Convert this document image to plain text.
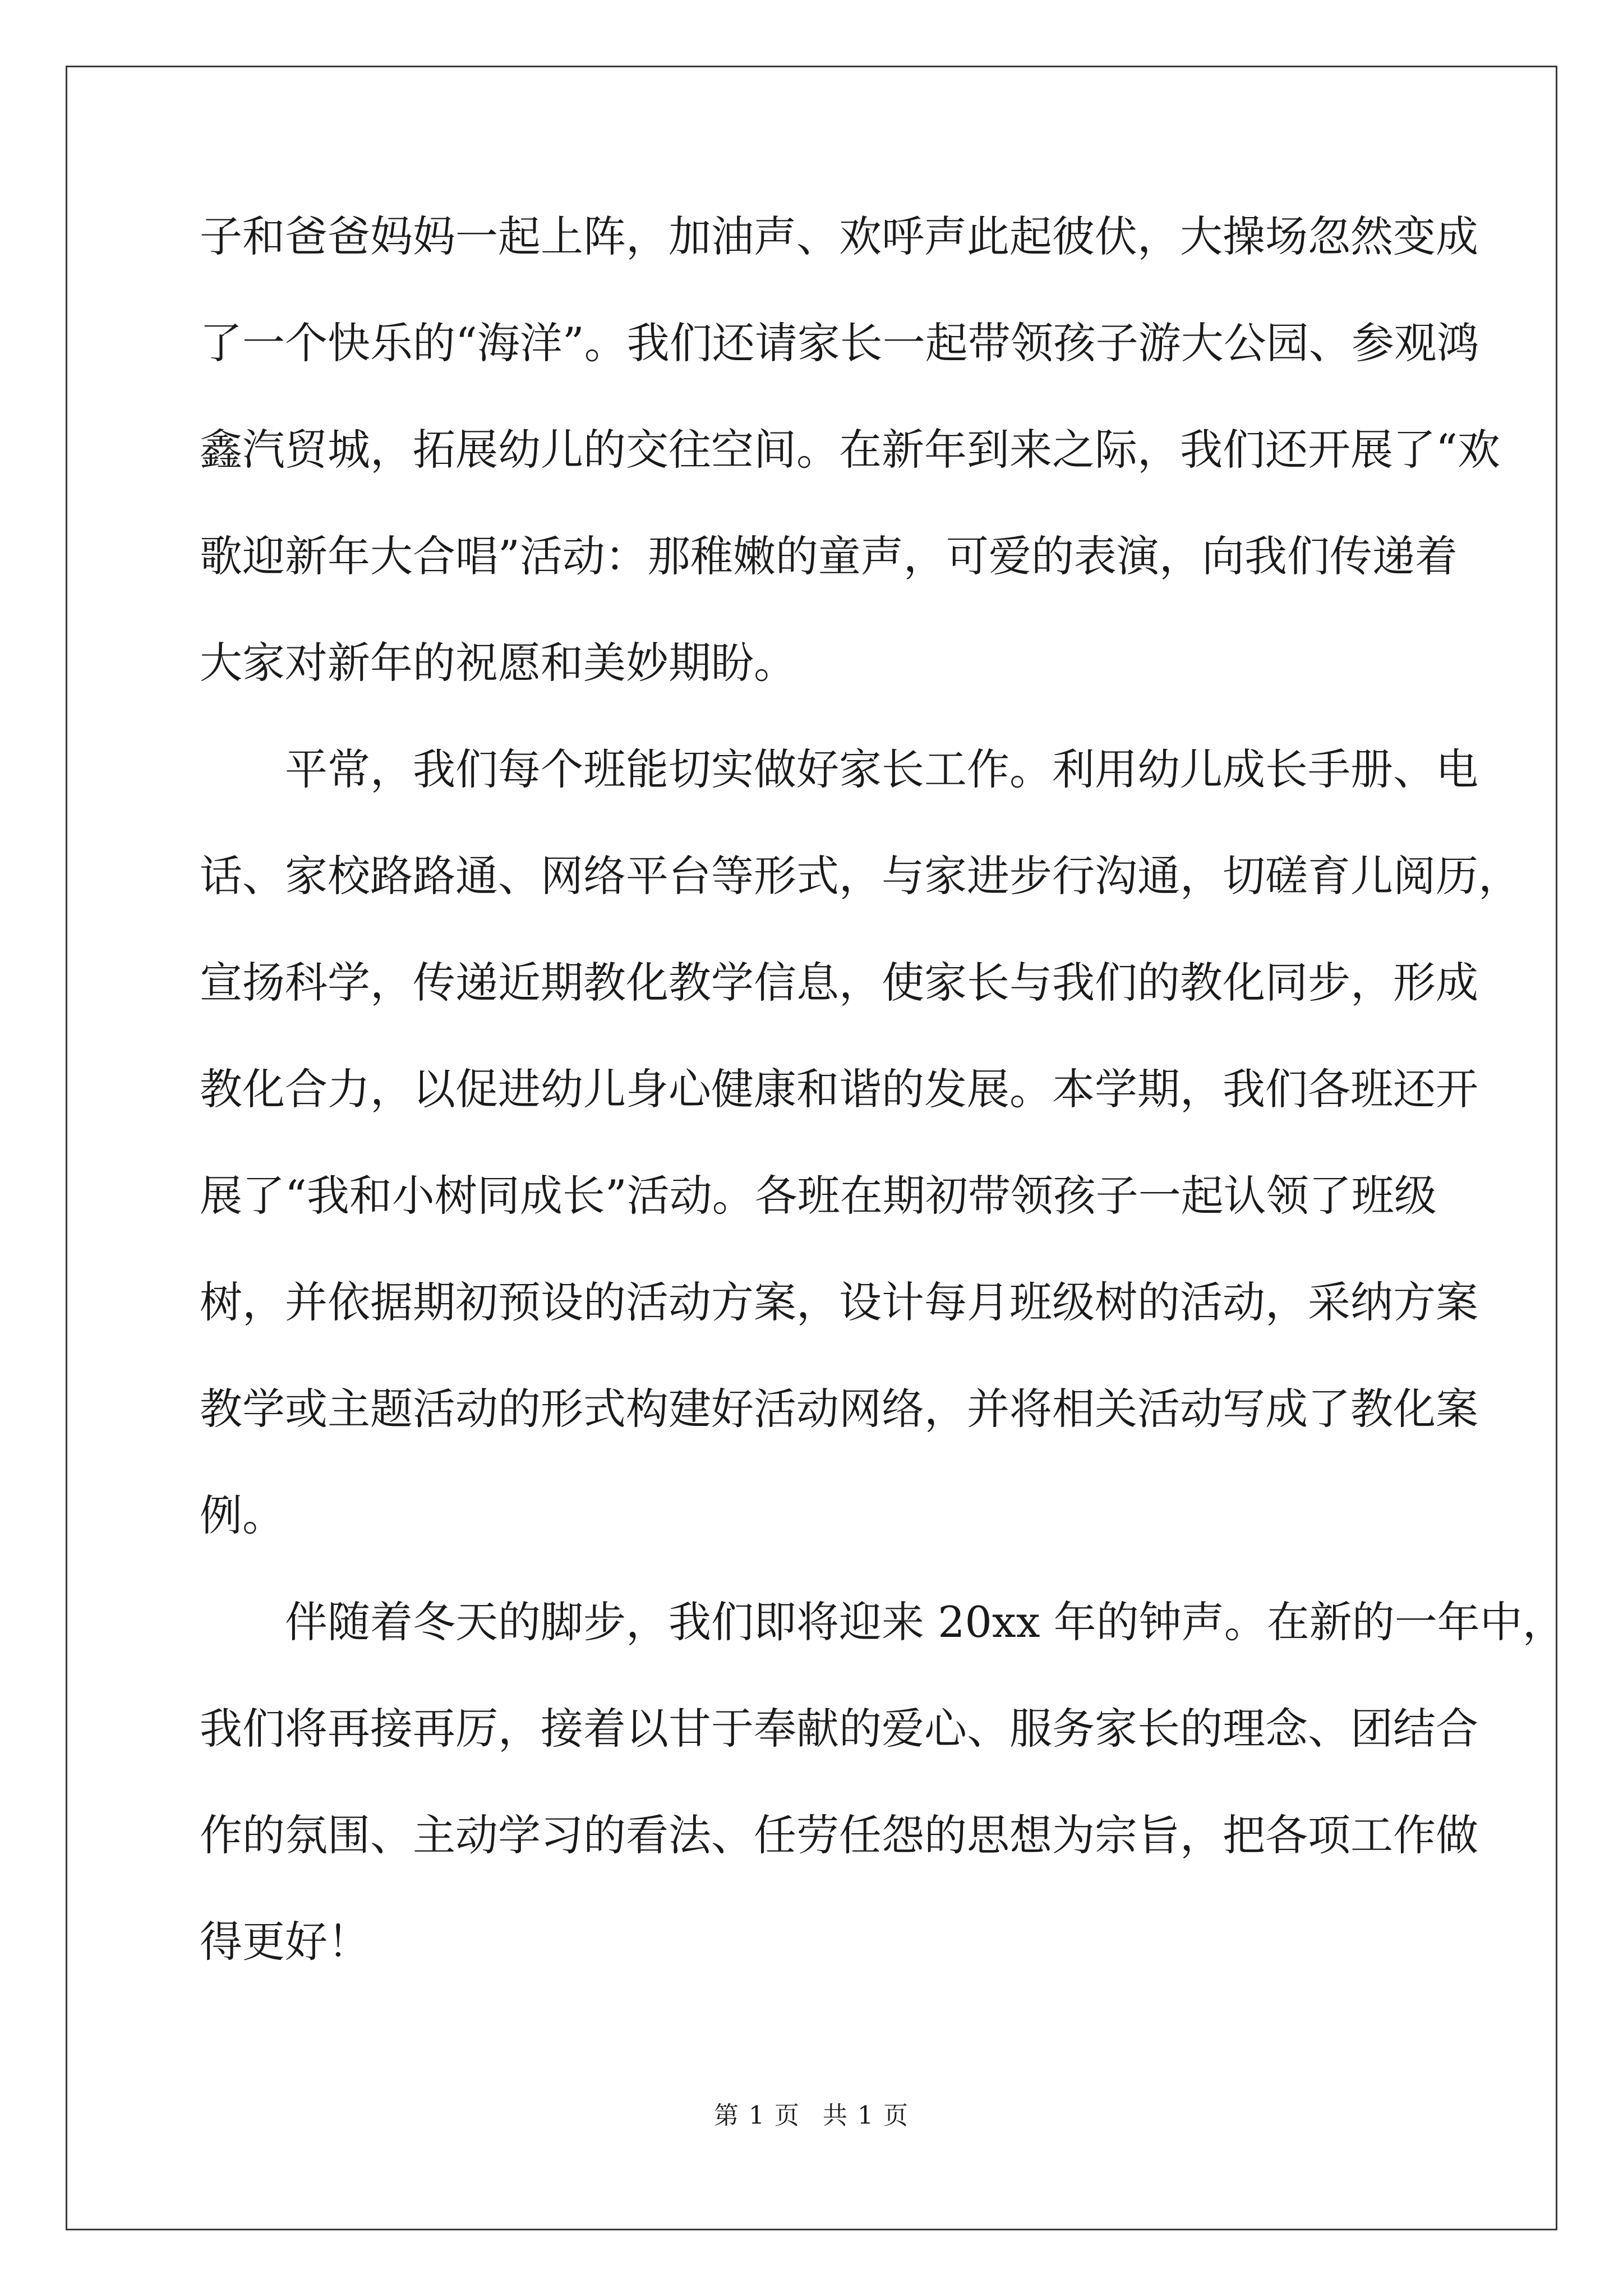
子和爸爸妈妈一起上阵，加油声、欢呼声此起彼伏，大操场忽然变成

了一个快乐的“海洋”。我们还请家长一起带领孩子游大公园、参观鸿

鑫汽贸城，拓展幼儿的交往空间。在新年到来之际，我们还开展了“欢

歌迎新年大合唱”活动：那稚嫩的童声，可爱的表演，向我们传递着

大家对新年的祝愿和美妙期盼。

平常，我们每个班能切实做好家长工作。利用幼儿成长手册、电

话、家校路路通、网络平台等形式，与家进步行沟通，切磋育儿阅历，

宣扬科学，传递近期教化教学信息，使家长与我们的教化同步，形成

教化合力，以促进幼儿身心健康和谐的发展。本学期，我们各班还开

展了“我和小树同成长”活动。各班在期初带领孩子一起认领了班级

树，并依据期初预设的活动方案，设计每月班级树的活动，采纳方案

教学或主题活动的形式构建好活动网络，并将相关活动写成了教化案

例。

伴随着冬天的脚步，我们即将迎来 20xx 年的钟声。在新的一年中，

我们将再接再厉，接着以甘于奉献的爱心、服务家长的理念、团结合

作的氛围、主动学习的看法、任劳任怨的思想为宗旨，把各项工作做

得更好！

第 1 页 共 1 页
